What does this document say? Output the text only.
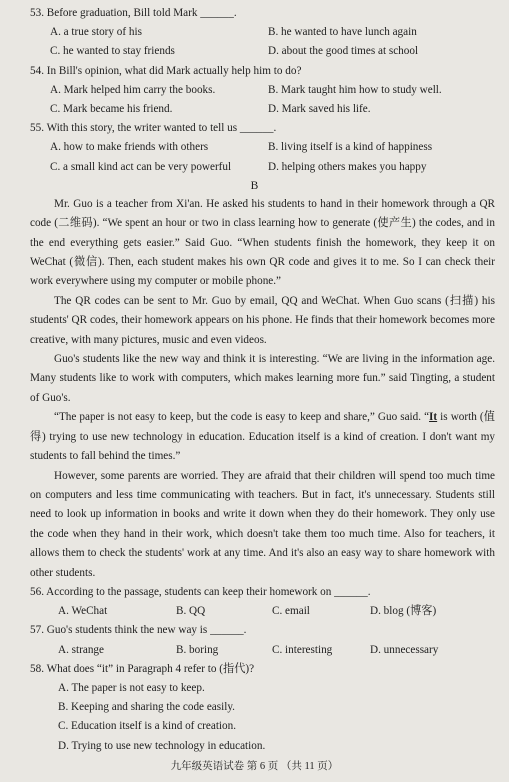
53. Before graduation, Bill told Mark ______.
A. a true story of his	B. he wanted to have lunch again
C. he wanted to stay friends	D. about the good times at school
54. In Bill's opinion, what did Mark actually help him to do?
A. Mark helped him carry the books.	B. Mark taught him how to study well.
C. Mark became his friend.	D. Mark saved his life.
55. With this story, the writer wanted to tell us ______.
A. how to make friends with others	B. living itself is a kind of happiness
C. a small kind act can be very powerful	D. helping others makes you happy
B

Mr. Guo is a teacher from Xi'an. He asked his students to hand in their homework through a QR code (二维码). “We spent an hour or two in class learning how to generate (使产生) the codes, and in the end everything gets easier.” Said Guo. “When students finish the homework, they keep it on WeChat (微信). Then, each student makes his own QR code and gives it to me. So I can check their work everywhere using my computer or mobile phone.”

The QR codes can be sent to Mr. Guo by email, QQ and WeChat. When Guo scans (扫描) his students' QR codes, their homework appears on his phone. He finds that their homework becomes more creative, with many pictures, music and even videos.

Guo's students like the new way and think it is interesting. “We are living in the information age. Many students like to work with computers, which makes learning more fun.” said Tingting, a student of Guo's.

“The paper is not easy to keep, but the code is easy to keep and share,” Guo said. “It is worth (值得) trying to use new technology in education. Education itself is a kind of creation. I don't want my students to fall behind the times.”

However, some parents are worried. They are afraid that their children will spend too much time on computers and less time communicating with teachers. But in fact, it's unnecessary. Students still need to look up information in books and write it down when they do their homework. They only use the code when they hand in their work, which doesn't take them too much time. Also for teachers, it allows them to check the students' work at any time. And it's also an easy way to share homework with other students.

56. According to the passage, students can keep their homework on ______.
A. WeChat	B. QQ	C. email	D. blog (博客)
57. Guo's students think the new way is ______.
A. strange	B. boring	C. interesting	D. unnecessary
58. What does “it” in Paragraph 4 refer to (指代)?
A. The paper is not easy to keep.
B. Keeping and sharing the code easily.
C. Education itself is a kind of creation.
D. Trying to use new technology in education.
九年级英语试卷 第 6 页 （共 11 页）
